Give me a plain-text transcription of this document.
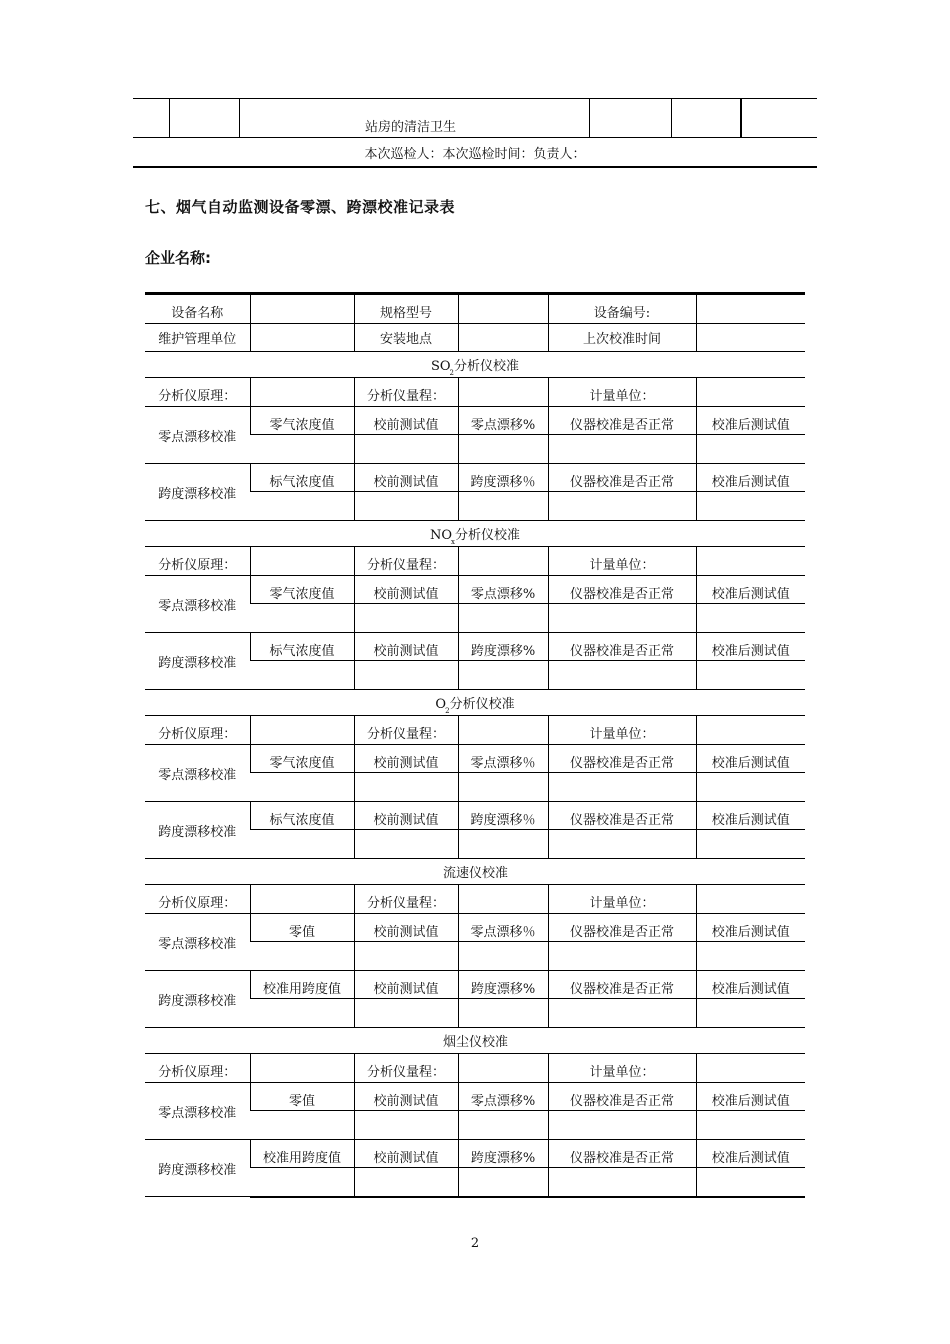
站房的清洁卫生
本次巡检人：本次巡检时间：负责人：
七、烟气自动监测设备零漂、跨漂校准记录表
企业名称:
设备名称		规格型号		设备编号:	
维护管理单位		安装地点		上次校准时间	
$SO_2$分析仪校准					
分析仪原理：		分析仪量程：		计量单位：	
零点漂移校准	零气浓度值	校前测试值	零点漂移%	仪器校准是否正常	校准后测试值

跨度漂移校准	标气浓度值	校前测试值	跨度漂移％	仪器校准是否正常	校准后测试值

$NO_x$分析仪校准					
分析仪原理：		分析仪量程：		计量单位：	
零点漂移校准	零气浓度值	校前测试值	零点漂移%	仪器校准是否正常	校准后测试值

跨度漂移校准	标气浓度值	校前测试值	跨度漂移%	仪器校准是否正常	校准后测试值

$O_2$分析仪校准					
分析仪原理：		分析仪量程：		计量单位：	
零点漂移校准	零气浓度值	校前测试值	零点漂移％	仪器校准是否正常	校准后测试值

跨度漂移校准	标气浓度值	校前测试值	跨度漂移％	仪器校准是否正常	校准后测试值

流速仪校准					
分析仪原理：		分析仪量程：		计量单位：	
零点漂移校准	零值	校前测试值	零点漂移％	仪器校准是否正常	校准后测试值

跨度漂移校准	校准用跨度值	校前测试值	跨度漂移%	仪器校准是否正常	校准后测试值

烟尘仪校准					
分析仪原理：		分析仪量程：		计量单位：	
零点漂移校准	零值	校前测试值	零点漂移%	仪器校准是否正常	校准后测试值

跨度漂移校准	校准用跨度值	校前测试值	跨度漂移%	仪器校准是否正常	校准后测试值

2
